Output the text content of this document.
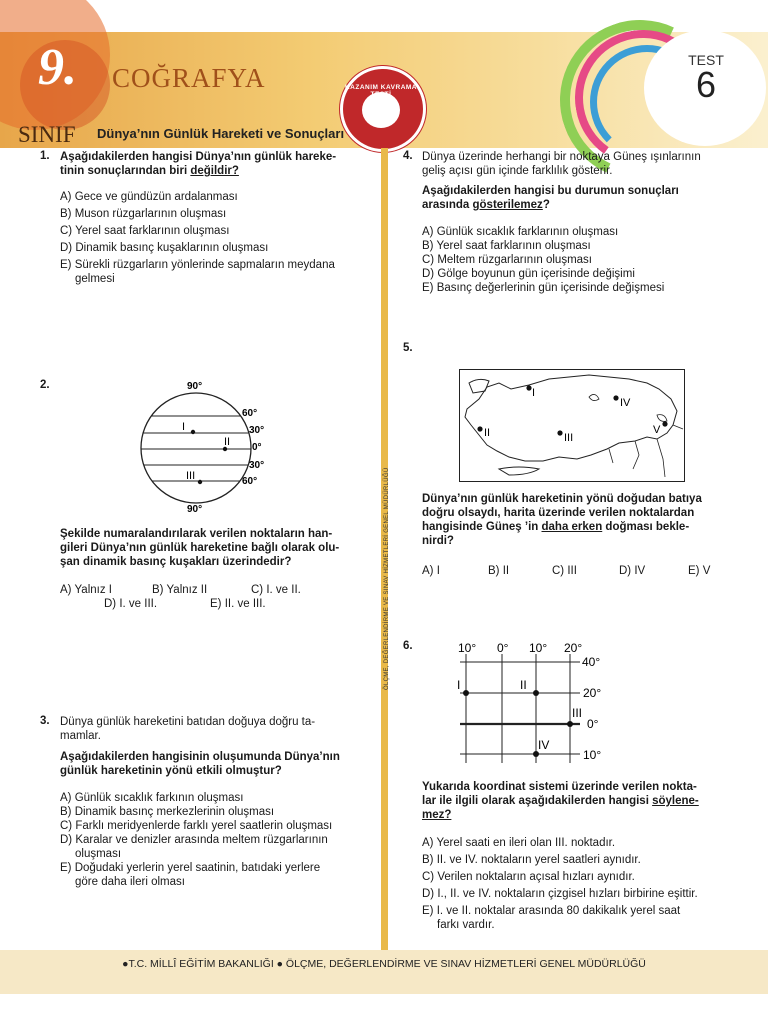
9.
SINIF
COĞRAFYA
Dünya’nın Günlük Hareketi ve Sonuçları
KAZANIM KAVRAMA TESTİ
TEST
6
ÖLÇME, DEĞERLENDİRME VE SINAV HİZMETLERİ GENEL MÜDÜRLÜĞÜ
1. Aşağıdakilerden hangisi Dünya’nın günlük hareke-
tinin sonuçlarından biri değildir?
A) Gece ve gündüzün ardalanması
B) Muson rüzgarlarının oluşması
C) Yerel saat farklarının oluşması
D) Dinamik basınç kuşaklarının oluşması
E) Sürekli rüzgarların yönlerinde sapmaların meydana
gelmesi
2.	90°
90°
60°
30°
0°
30°
60°
I
II
III
Şekilde numaralandırılarak verilen noktaların han-
gileri Dünya’nın günlük hareketine bağlı olarak olu-
şan dinamik basınç kuşakları üzerindedir?
A) Yalnız I	B) Yalnız II	C) I. ve II.
D) I. ve III.	E) II. ve III.
3. Dünya günlük hareketini batıdan doğuya doğru ta-
mamlar.
Aşağıdakilerden hangisinin oluşumunda Dünya’nın
günlük hareketinin yönü etkili olmuştur?
A) Günlük sıcaklık farkının oluşması
B) Dinamik basınç merkezlerinin oluşması
C) Farklı meridyenlerde farklı yerel saatlerin oluşması
D) Karalar ve denizler arasında meltem rüzgarlarının
oluşması
E) Doğudaki yerlerin yerel saatinin, batıdaki yerlere
göre daha ileri olması
4. Dünya üzerinde herhangi bir noktaya Güneş ışınlarının
geliş açısı gün içinde farklılık gösterir.
Aşağıdakilerden hangisi bu durumun sonuçları
arasında gösterilemez?
A) Günlük sıcaklık farklarının oluşması
B) Yerel saat farklarının oluşması
C) Meltem rüzgarlarının oluşması
D) Gölge boyunun gün içerisinde değişimi
E) Basınç değerlerinin gün içerisinde değişmesi
5.
I
II	III
IV
V
Dünya’nın günlük hareketinin yönü doğudan batıya
doğru olsaydı, harita üzerinde verilen noktalardan
hangisinde Güneş ’in daha erken doğması bekle-
nirdi?
A) I	B) II	C) III	D) IV	E) V
6.	10° 0° 10° 20°
40°
20°
0°
10°
I	II
III
IV
Yukarıda koordinat sistemi üzerinde verilen nokta-
lar ile ilgili olarak aşağıdakilerden hangisi söylene-
mez?
A) Yerel saati en ileri olan III. noktadır.
B) II. ve IV. noktaların yerel saatleri aynıdır.
C) Verilen noktaların açısal hızları aynıdır.
D) I., II. ve IV. noktaların çizgisel hızları birbirine eşittir.
E) I. ve II. noktalar arasında 80 dakikalık yerel saat
farkı vardır.
●T.C. MİLLÎ EĞİTİM BAKANLIĞI ● ÖLÇME, DEĞERLENDİRME VE SINAV HİZMETLERİ GENEL MÜDÜRLÜĞÜ
